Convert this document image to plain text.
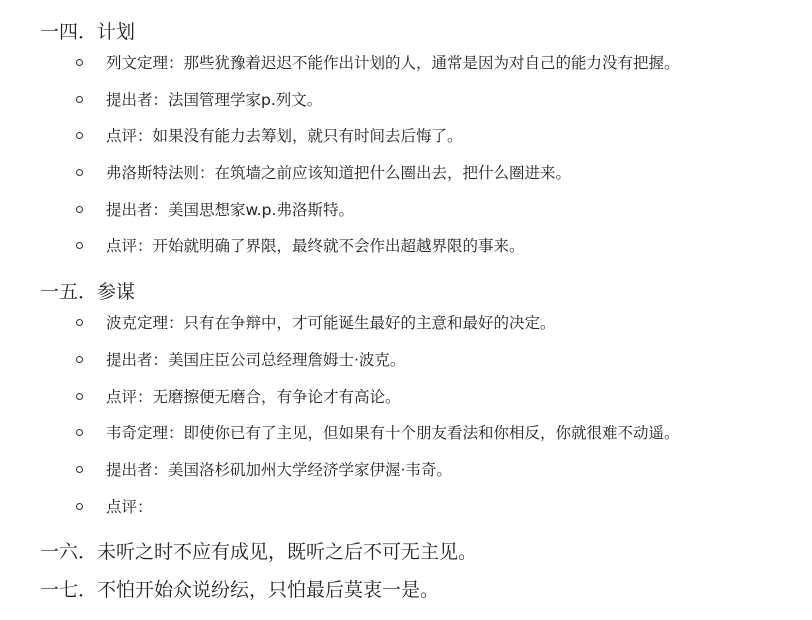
一四．计划
列文定理：那些犹豫着迟迟不能作出计划的人，通常是因为对自己的能力没有把握。
提出者：法国管理学家p.列文。
点评：如果没有能力去筹划，就只有时间去后悔了。
弗洛斯特法则：在筑墙之前应该知道把什么圈出去，把什么圈进来。
提出者：美国思想家w.p.弗洛斯特。
点评：开始就明确了界限，最终就不会作出超越界限的事来。
一五．参谋
波克定理：只有在争辩中，才可能诞生最好的主意和最好的决定。
提出者：美国庄臣公司总经理詹姆士·波克。
点评：无磨擦便无磨合，有争论才有高论。
韦奇定理：即使你已有了主见，但如果有十个朋友看法和你相反，你就很难不动遥。
提出者：美国洛杉矶加州大学经济学家伊渥·韦奇。
点评：
一六．未听之时不应有成见，既听之后不可无主见。
一七．不怕开始众说纷纭，只怕最后莫衷一是。
